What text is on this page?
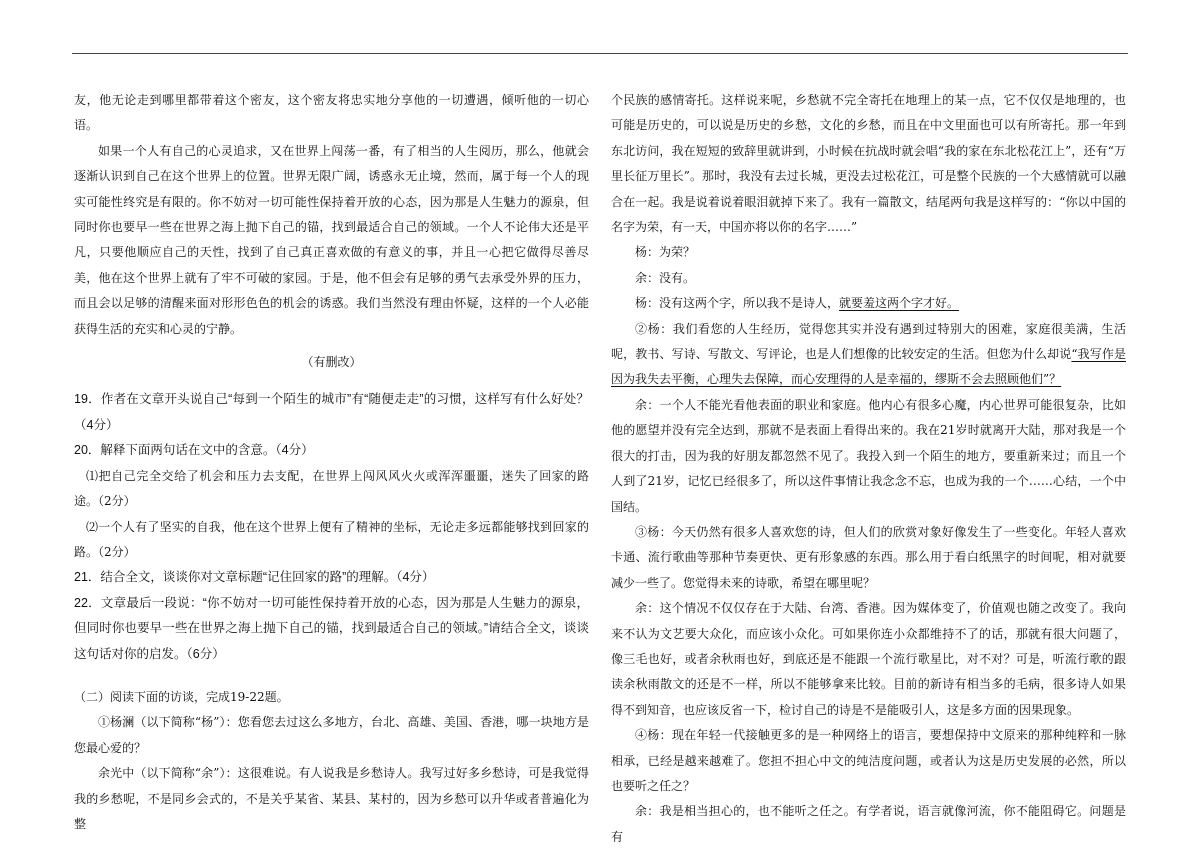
友，他无论走到哪里都带着这个密友，这个密友将忠实地分享他的一切遭遇，倾听他的一切心语。

如果一个人有自己的心灵追求，又在世界上闯荡一番，有了相当的人生阅历，那么，他就会逐渐认识到自己在这个世界上的位置。世界无限广阔，诱惑永无止境，然而，属于每一个人的现实可能性终究是有限的。你不妨对一切可能性保持着开放的心态，因为那是人生魅力的源泉，但同时你也要早一些在世界之海上抛下自己的锚，找到最适合自己的领域。一个人不论伟大还是平凡，只要他顺应自己的天性，找到了自己真正喜欢做的有意义的事，并且一心把它做得尽善尽美，他在这个世界上就有了牢不可破的家园。于是，他不但会有足够的勇气去承受外界的压力，而且会以足够的清醒来面对形形色色的机会的诱惑。我们当然没有理由怀疑，这样的一个人必能获得生活的充实和心灵的宁静。

（有删改）

19．作者在文章开头说自己“每到一个陌生的城市”有“随便走走”的习惯，这样写有什么好处？（4分）

20．解释下面两句话在文中的含意。（4分）

⑴把自己完全交给了机会和压力去支配，在世界上闯风风火火或浑浑噩噩，迷失了回家的路途。（2分）

⑵一个人有了坚实的自我，他在这个世界上便有了精神的坐标，无论走多远都能够找到回家的路。（2分）

21．结合全文，谈谈你对文章标题“记住回家的路”的理解。（4分）

22．文章最后一段说：“你不妨对一切可能性保持着开放的心态，因为那是人生魅力的源泉，但同时你也要早一些在世界之海上抛下自己的锚，找到最适合自己的领域。”请结合全文，谈谈这句话对你的启发。（6分）

（二）阅读下面的访谈，完成19-22题。

①杨澜（以下简称“杨”）：您看您去过这么多地方，台北、高雄、美国、香港，哪一块地方是您最心爱的？

余光中（以下简称“余”）：这很难说。有人说我是乡愁诗人。我写过好多乡愁诗，可是我觉得我的乡愁呢，不是同乡会式的，不是关乎某省、某县、某村的，因为乡愁可以升华或者普遍化为整

个民族的感情寄托。这样说来呢，乡愁就不完全寄托在地理上的某一点，它不仅仅是地理的，也可能是历史的，可以说是历史的乡愁，文化的乡愁，而且在中文里面也可以有所寄托。那一年到东北访问，我在短短的致辞里就讲到，小时候在抗战时就会唱“我的家在东北松花江上”，还有“万里长征万里长”。那时，我没有去过长城，更没去过松花江，可是整个民族的一个大感情就可以融合在一起。我是说着说着眼泪就掉下来了。我有一篇散文，结尾两句我是这样写的：“你以中国的名字为荣，有一天，中国亦将以你的名字……”

杨：为荣？

余：没有。

杨：没有这两个字，所以我不是诗人，就要羞这两个字才好。

②杨：我们看您的人生经历，觉得您其实并没有遇到过特别大的困难，家庭很美满，生活呢，教书、写诗、写散文、写评论，也是人们想像的比较安定的生活。但您为什么却说“我写作是因为我失去平衡，心理失去保障，而心安理得的人是幸福的，缪斯不会去照顾他们”？

余：一个人不能光看他表面的职业和家庭。他内心有很多心魔，内心世界可能很复杂，比如他的愿望并没有完全达到，那就不是表面上看得出来的。我在21岁时就离开大陆，那对我是一个很大的打击，因为我的好朋友都忽然不见了。我投入到一个陌生的地方，要重新来过；而且一个人到了21岁，记忆已经很多了，所以这件事情让我念念不忘，也成为我的一个……心结，一个中国结。

③杨：今天仍然有很多人喜欢您的诗，但人们的欣赏对象好像发生了一些变化。年轻人喜欢卡通、流行歌曲等那种节奏更快、更有形象感的东西。那么用于看白纸黑字的时间呢，相对就要减少一些了。您觉得未来的诗歌，希望在哪里呢？

余：这个情况不仅仅存在于大陆、台湾、香港。因为媒体变了，价值观也随之改变了。我向来不认为文艺要大众化，而应该小众化。可如果你连小众都维持不了的话，那就有很大问题了，像三毛也好，或者余秋雨也好，到底还是不能跟一个流行歌星比，对不对？可是，听流行歌的跟读余秋雨散文的还是不一样，所以不能够拿来比较。目前的新诗有相当多的毛病，很多诗人如果得不到知音，也应该反省一下，检讨自己的诗是不是能吸引人，这是多方面的因果现象。

④杨：现在年轻一代接触更多的是一种网络上的语言，要想保持中文原来的那种纯粹和一脉相承，已经是越来越难了。您担不担心中文的纯洁度问题，或者认为这是历史发展的必然，所以也要听之任之？

余：我是相当担心的，也不能听之任之。有学者说，语言就像河流，你不能阻碍它。问题是有
